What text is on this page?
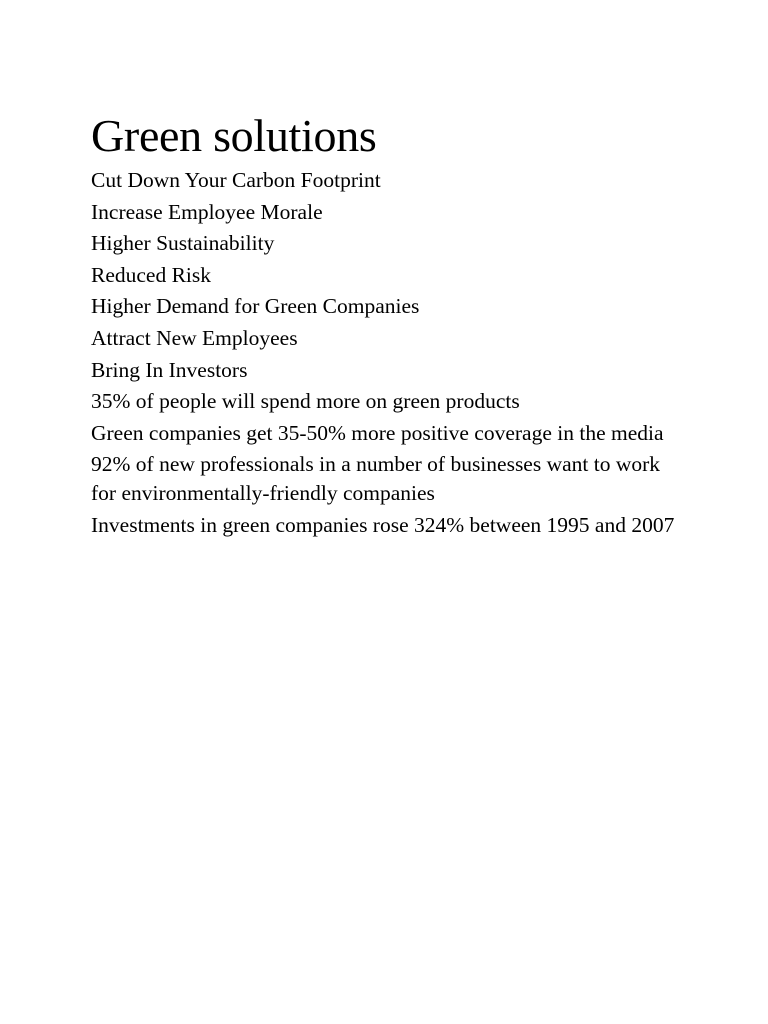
Green solutions
Cut Down Your Carbon Footprint
Increase Employee Morale
Higher Sustainability
Reduced Risk
Higher Demand for Green Companies
Attract New Employees
Bring In Investors
35% of people will spend more on green products
Green companies get 35-50% more positive coverage in the media
92% of new professionals in a number of businesses want to work for environmentally-friendly companies
Investments in green companies rose 324% between 1995 and 2007
